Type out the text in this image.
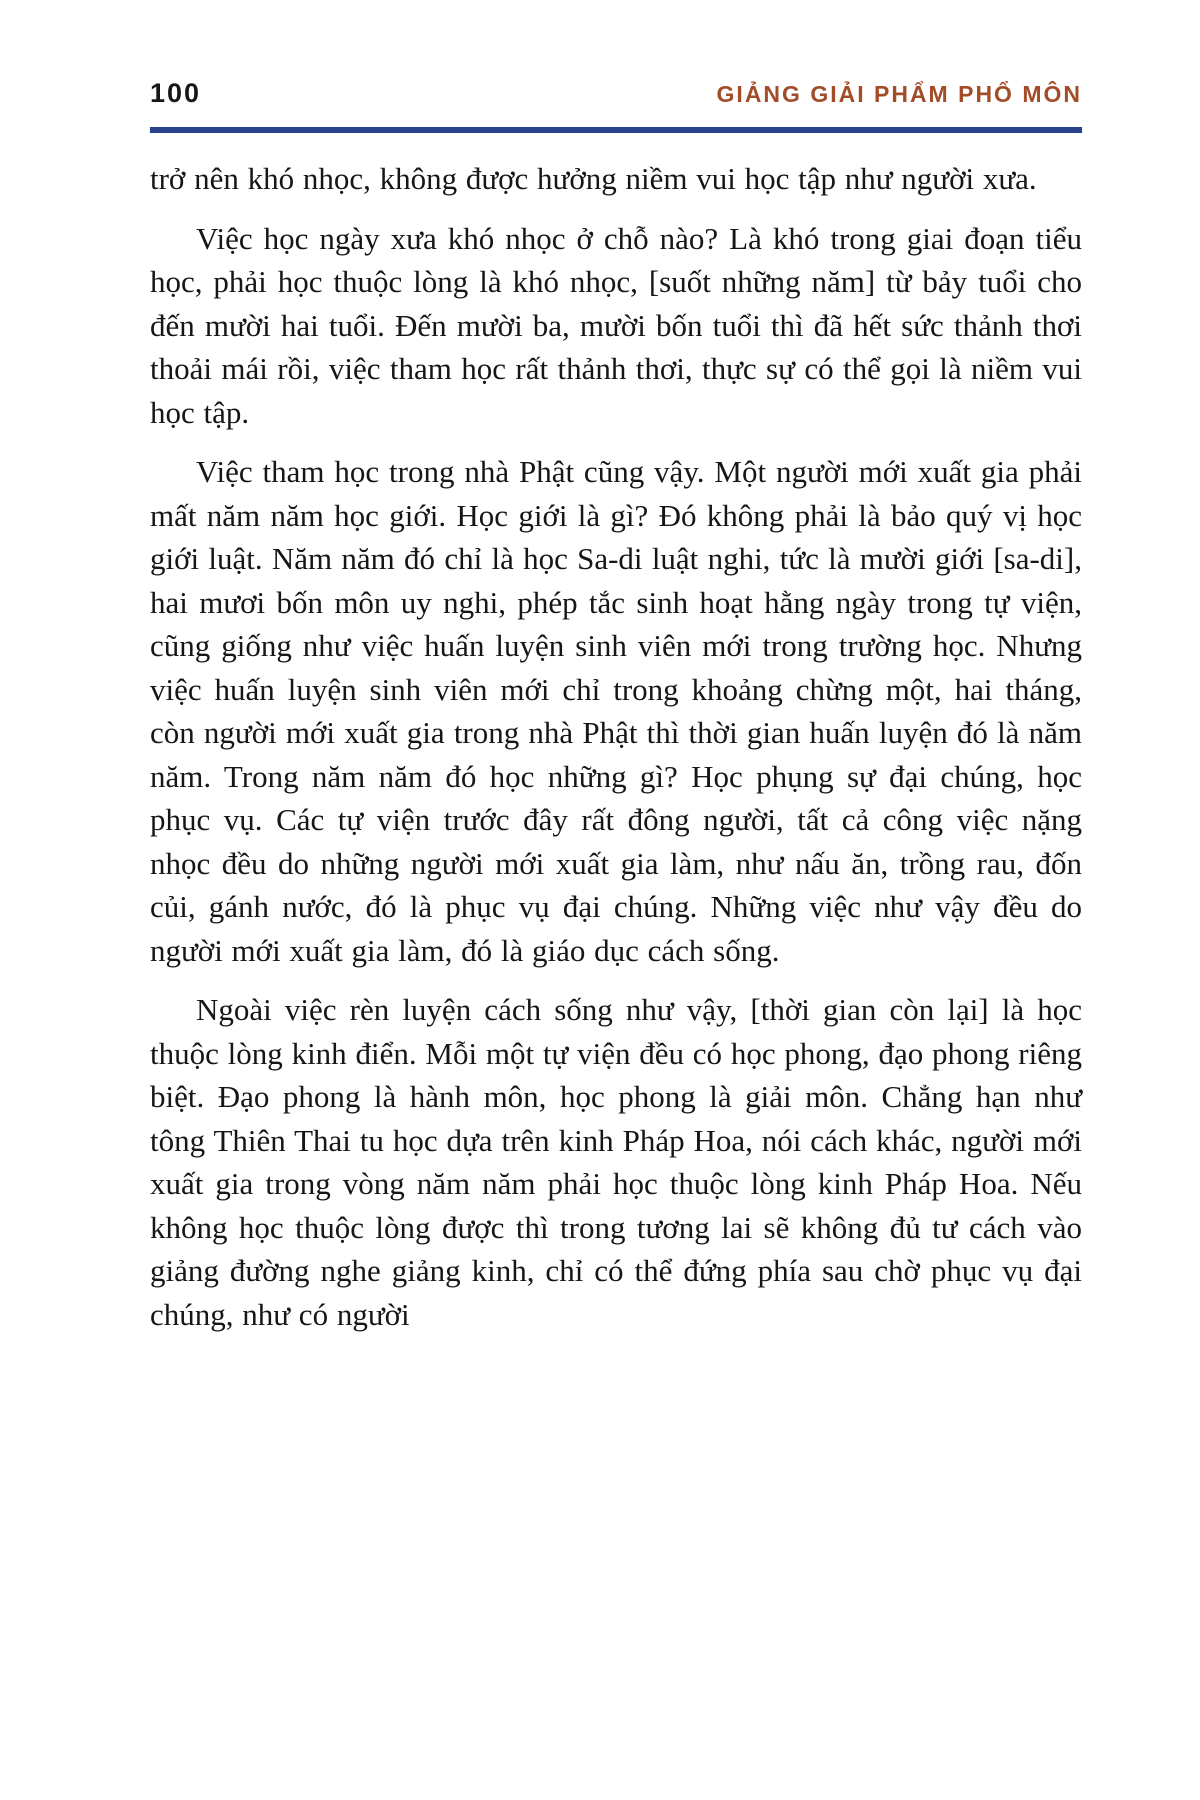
100	GIẢNG GIẢI PHẨM PHỔ MÔN

trở nên khó nhọc, không được hưởng niềm vui học tập như người xưa.

Việc học ngày xưa khó nhọc ở chỗ nào? Là khó trong giai đoạn tiểu học, phải học thuộc lòng là khó nhọc, [suốt những năm] từ bảy tuổi cho đến mười hai tuổi. Đến mười ba, mười bốn tuổi thì đã hết sức thảnh thơi thoải mái rồi, việc tham học rất thảnh thơi, thực sự có thể gọi là niềm vui học tập.

Việc tham học trong nhà Phật cũng vậy. Một người mới xuất gia phải mất năm năm học giới. Học giới là gì? Đó không phải là bảo quý vị học giới luật. Năm năm đó chỉ là học Sa-di luật nghi, tức là mười giới [sa-di], hai mươi bốn môn uy nghi, phép tắc sinh hoạt hằng ngày trong tự viện, cũng giống như việc huấn luyện sinh viên mới trong trường học. Nhưng việc huấn luyện sinh viên mới chỉ trong khoảng chừng một, hai tháng, còn người mới xuất gia trong nhà Phật thì thời gian huấn luyện đó là năm năm. Trong năm năm đó học những gì? Học phụng sự đại chúng, học phục vụ. Các tự viện trước đây rất đông người, tất cả công việc nặng nhọc đều do những người mới xuất gia làm, như nấu ăn, trồng rau, đốn củi, gánh nước, đó là phục vụ đại chúng. Những việc như vậy đều do người mới xuất gia làm, đó là giáo dục cách sống.

Ngoài việc rèn luyện cách sống như vậy, [thời gian còn lại] là học thuộc lòng kinh điển. Mỗi một tự viện đều có học phong, đạo phong riêng biệt. Đạo phong là hành môn, học phong là giải môn. Chẳng hạn như tông Thiên Thai tu học dựa trên kinh Pháp Hoa, nói cách khác, người mới xuất gia trong vòng năm năm phải học thuộc lòng kinh Pháp Hoa. Nếu không học thuộc lòng được thì trong tương lai sẽ không đủ tư cách vào giảng đường nghe giảng kinh, chỉ có thể đứng phía sau chờ phục vụ đại chúng, như có người
